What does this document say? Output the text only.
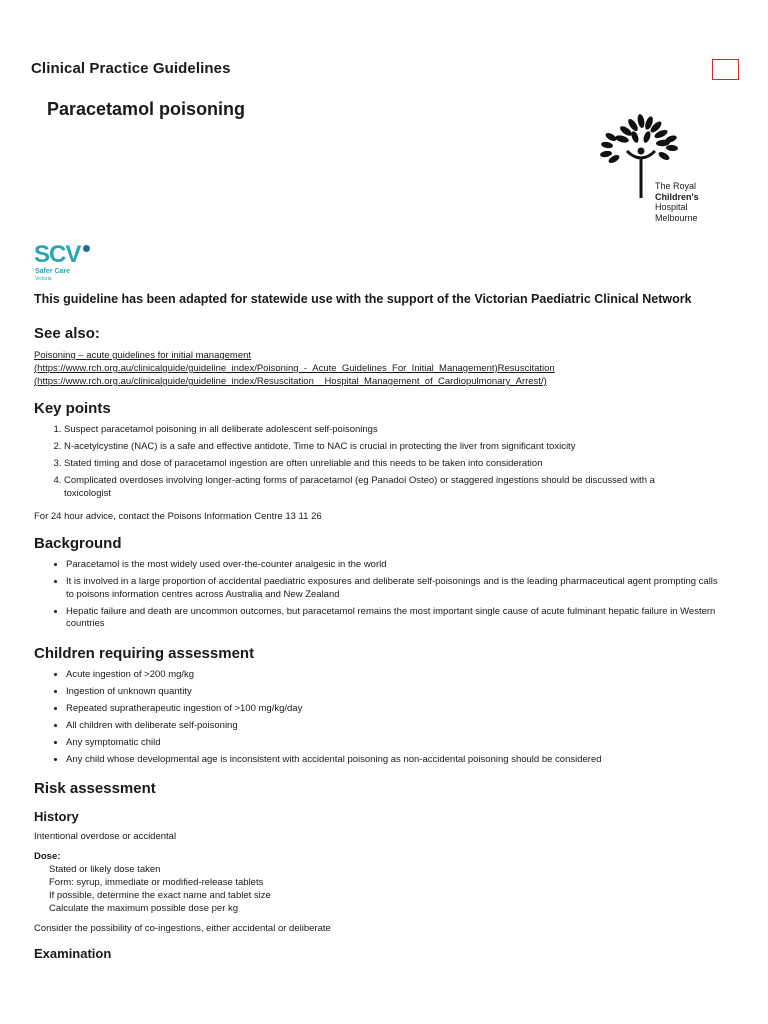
Clinical Practice Guidelines
Paracetamol poisoning
The Royal
Children's
Hospital
Melbourne
SCV
Safer Care
Victoria
This guideline has been adapted for statewide use with the support of the Victorian Paediatric Clinical Network
See also:
Poisoning – acute guidelines for initial management
(https://www.rch.org.au/clinicalguide/guideline_index/Poisoning_-_Acute_Guidelines_For_Initial_Management)Resuscitation
(https://www.rch.org.au/clinicalguide/guideline_index/Resuscitation__Hospital_Management_of_Cardiopulmonary_Arrest/)
Key points
1. Suspect paracetamol poisoning in all deliberate adolescent self-poisonings
2. N-acetylcystine (NAC) is a safe and effective antidote. Time to NAC is crucial in protecting the liver from significant toxicity
3. Stated timing and dose of paracetamol ingestion are often unreliable and this needs to be taken into consideration
4. Complicated overdoses involving longer-acting forms of paracetamol (eg Panadol Osteo) or staggered ingestions should be discussed with a toxicologist
For 24 hour advice, contact the Poisons Information Centre 13 11 26
Background
• Paracetamol is the most widely used over-the-counter analgesic in the world
• It is involved in a large proportion of accidental paediatric exposures and deliberate self-poisonings and is the leading pharmaceutical agent prompting calls to poisons information centres across Australia and New Zealand
• Hepatic failure and death are uncommon outcomes, but paracetamol remains the most important single cause of acute fulminant hepatic failure in Western countries
Children requiring assessment
• Acute ingestion of >200 mg/kg
• Ingestion of unknown quantity
• Repeated supratherapeutic ingestion of >100 mg/kg/day
• All children with deliberate self-poisoning
• Any symptomatic child
• Any child whose developmental age is inconsistent with accidental poisoning as non-accidental poisoning should be considered
Risk assessment
History
Intentional overdose or accidental
Dose:
Stated or likely dose taken
Form: syrup, immediate or modified-release tablets
If possible, determine the exact name and tablet size
Calculate the maximum possible dose per kg
Consider the possibility of co-ingestions, either accidental or deliberate
Examination
